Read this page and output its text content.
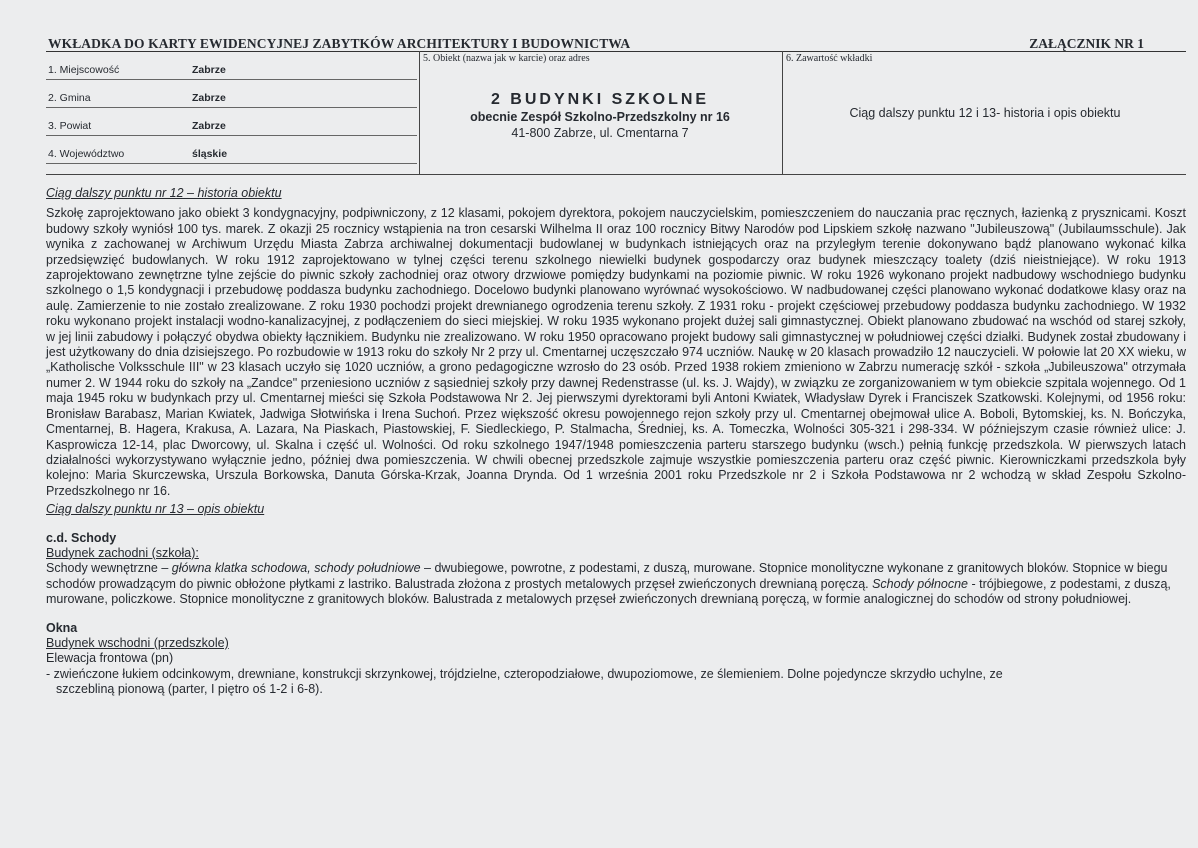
WKŁADKA DO KARTY EWIDENCYJNEJ ZABYTKÓW ARCHITEKTURY I BUDOWNICTWA	ZAŁĄCZNIK NR 1
1. Miejscowość	Zabrze
2. Gmina	Zabrze
3. Powiat	Zabrze
4. Województwo	śląskie
5. Obiekt (nazwa jak w karcie) oraz adres
2 BUDYNKI SZKOLNE
obecnie Zespół Szkolno-Przedszkolny nr 16
41-800 Zabrze, ul. Cmentarna 7
6. Zawartość wkładki
Ciąg dalszy punktu 12 i 13- historia i opis obiektu

Ciąg dalszy punktu nr 12 – historia obiektu

Szkołę zaprojektowano jako obiekt 3 kondygnacyjny, podpiwniczony, z 12 klasami, pokojem dyrektora, pokojem nauczycielskim, pomieszczeniem do nauczania prac ręcznych, łazienką z prysznicami. Koszt budowy szkoły wyniósł 100 tys. marek. Z okazji 25 rocznicy wstąpienia na tron cesarski Wilhelma II oraz 100 rocznicy Bitwy Narodów pod Lipskiem szkołę nazwano "Jubileuszową" (Jubilaumsschule). Jak wynika z zachowanej w Archiwum Urzędu Miasta Zabrza archiwalnej dokumentacji budowlanej w budynkach istniejących oraz na przyległym terenie dokonywano bądź planowano wykonać kilka przedsięwzięć budowlanych. W roku 1912 zaprojektowano w tylnej części terenu szkolnego niewielki budynek gospodarczy oraz budynek mieszczący toalety (dziś nieistniejące). W roku 1913 zaprojektowano zewnętrzne tylne zejście do piwnic szkoły zachodniej oraz otwory drzwiowe pomiędzy budynkami na poziomie piwnic. W roku 1926 wykonano projekt nadbudowy wschodniego budynku szkolnego o 1,5 kondygnacji i przebudowę poddasza budynku zachodniego. Docelowo budynki planowano wyrównać wysokościowo. W nadbudowanej części planowano wykonać dodatkowe klasy oraz na aulę. Zamierzenie to nie zostało zrealizowane. Z roku 1930 pochodzi projekt drewnianego ogrodzenia terenu szkoły. Z 1931 roku - projekt częściowej przebudowy poddasza budynku zachodniego. W 1932 roku wykonano projekt instalacji wodno-kanalizacyjnej, z podłączeniem do sieci miejskiej. W roku 1935 wykonano projekt dużej sali gimnastycznej. Obiekt planowano zbudować na wschód od starej szkoły, w jej linii zabudowy i połączyć obydwa obiekty łącznikiem. Budynku nie zrealizowano. W roku 1950 opracowano projekt budowy sali gimnastycznej w południowej części działki. Budynek został zbudowany i jest użytkowany do dnia dzisiejszego. Po rozbudowie w 1913 roku do szkoły Nr 2 przy ul. Cmentarnej uczęszczało 974 uczniów. Naukę w 20 klasach prowadziło 12 nauczycieli. W połowie lat 20 XX wieku, w „Katholische Volksschule III" w 23 klasach uczyło się 1020 uczniów, a grono pedagogiczne wzrosło do 23 osób. Przed 1938 rokiem zmieniono w Zabrzu numerację szkół - szkoła „Jubileuszowa" otrzymała numer 2. W 1944 roku do szkoły na „Zandce" przeniesiono uczniów z sąsiedniej szkoły przy dawnej Redenstrasse (ul. ks. J. Wajdy), w związku ze zorganizowaniem w tym obiekcie szpitala wojennego. Od 1 maja 1945 roku w budynkach przy ul. Cmentarnej mieści się Szkoła Podstawowa Nr 2. Jej pierwszymi dyrektorami byli Antoni Kwiatek, Władysław Dyrek i Franciszek Szatkowski. Kolejnymi, od 1956 roku: Bronisław Barabasz, Marian Kwiatek, Jadwiga Słotwińska i Irena Suchoń. Przez większość okresu powojennego rejon szkoły przy ul. Cmentarnej obejmował ulice A. Boboli, Bytomskiej, ks. N. Bończyka, Cmentarnej, B. Hagera, Krakusa, A. Lazara, Na Piaskach, Piastowskiej, F. Siedleckiego, P. Stalmacha, Średniej, ks. A. Tomeczka, Wolności 305-321 i 298-334. W późniejszym czasie również ulice: J. Kasprowicza 12-14, plac Dworcowy, ul. Skalna i część ul. Wolności. Od roku szkolnego 1947/1948 pomieszczenia parteru starszego budynku (wsch.) pełnią funkcję przedszkola. W pierwszych latach działalności wykorzystywano wyłącznie jedno, później dwa pomieszczenia. W chwili obecnej przedszkole zajmuje wszystkie pomieszczenia parteru oraz część piwnic. Kierowniczkami przedszkola były kolejno: Maria Skurczewska, Urszula Borkowska, Danuta Górska-Krzak, Joanna Drynda. Od 1 września 2001 roku Przedszkole nr 2 i Szkoła Podstawowa nr 2 wchodzą w skład Zespołu Szkolno- Przedszkolnego nr 16.

Ciąg dalszy punktu nr 13 – opis obiektu

c.d. Schody
Budynek zachodni (szkoła):

Schody wewnętrzne – główna klatka schodowa, schody południowe – dwubiegowe, powrotne, z podestami, z duszą, murowane. Stopnice monolityczne wykonane z granitowych bloków. Stopnice w biegu schodów prowadzącym do piwnic obłożone płytkami z lastriko. Balustrada złożona z prostych metalowych przęseł zwieńczonych drewnianą poręczą. Schody północne - trójbiegowe, z podestami, z duszą, murowane, policzkowe. Stopnice monolityczne z granitowych bloków. Balustrada z metalowych przęseł zwieńczonych drewnianą poręczą, w formie analogicznej do schodów od strony południowej.

Okna
Budynek wschodni (przedszkole)
Elewacja frontowa (pn)
- zwieńczone łukiem odcinkowym, drewniane, konstrukcji skrzynkowej, trójdzielne, czteropodziałowe, dwupoziomowe, ze ślemieniem. Dolne pojedyncze skrzydło uchylne, ze
szczebliną pionową (parter, I piętro oś 1-2 i 6-8).
